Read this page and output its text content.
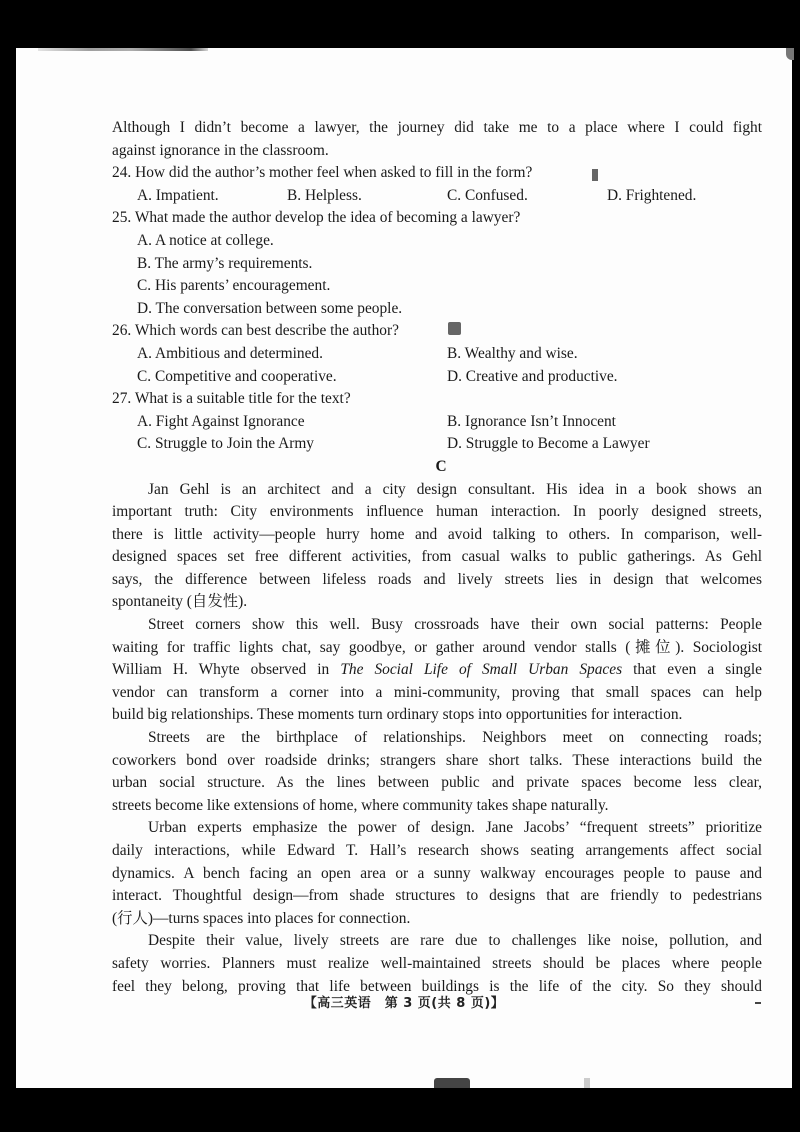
Although I didn’t become a lawyer, the journey did take me to a place where I could fight
against ignorance in the classroom.
24. How did the author’s mother feel when asked to fill in the form?
A. Impatient.	B. Helpless.	C. Confused.	D. Frightened.
25. What made the author develop the idea of becoming a lawyer?
A. A notice at college.
B. The army’s requirements.
C. His parents’ encouragement.
D. The conversation between some people.
26. Which words can best describe the author?
A. Ambitious and determined.	B. Wealthy and wise.
C. Competitive and cooperative.	D. Creative and productive.
27. What is a suitable title for the text?
A. Fight Against Ignorance	B. Ignorance Isn’t Innocent
C. Struggle to Join the Army	D. Struggle to Become a Lawyer
C
Jan Gehl is an architect and a city design consultant. His idea in a book shows an
important truth: City environments influence human interaction. In poorly designed streets,
there is little activity—people hurry home and avoid talking to others. In comparison, well-
designed spaces set free different activities, from casual walks to public gatherings. As Gehl
says, the difference between lifeless roads and lively streets lies in design that welcomes
spontaneity (自发性).
Street corners show this well. Busy crossroads have their own social patterns: People
waiting for traffic lights chat, say goodbye, or gather around vendor stalls (摊位). Sociologist
William H. Whyte observed in The Social Life of Small Urban Spaces that even a single
vendor can transform a corner into a mini-community, proving that small spaces can help
build big relationships. These moments turn ordinary stops into opportunities for interaction.
Streets are the birthplace of relationships. Neighbors meet on connecting roads;
coworkers bond over roadside drinks; strangers share short talks. These interactions build the
urban social structure. As the lines between public and private spaces become less clear,
streets become like extensions of home, where community takes shape naturally.
Urban experts emphasize the power of design. Jane Jacobs’ “frequent streets” prioritize
daily interactions, while Edward T. Hall’s research shows seating arrangements affect social
dynamics. A bench facing an open area or a sunny walkway encourages people to pause and
interact. Thoughtful design—from shade structures to designs that are friendly to pedestrians
(行人)—turns spaces into places for connection.
Despite their value, lively streets are rare due to challenges like noise, pollution, and
safety worries. Planners must realize well-maintained streets should be places where people
feel they belong, proving that life between buildings is the life of the city. So they should
【高三英语　第 3 页(共 8 页)】
